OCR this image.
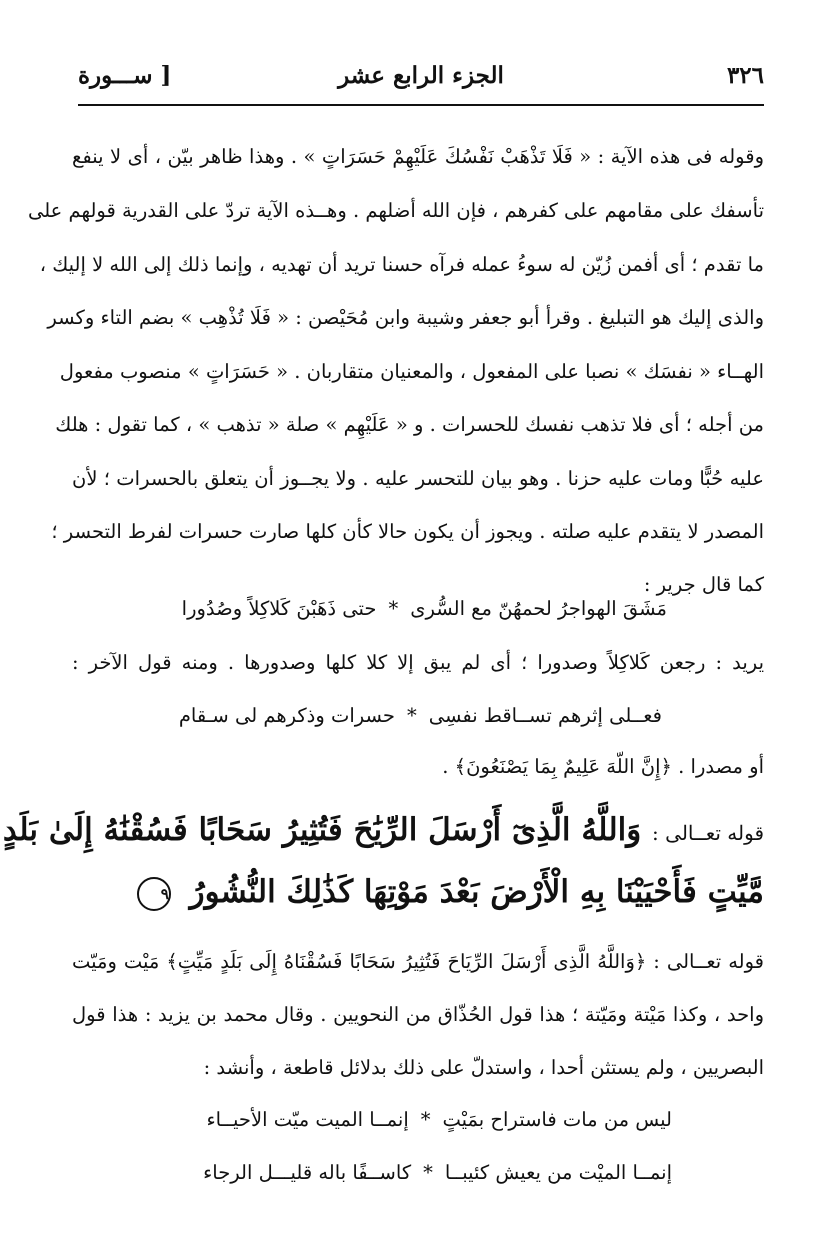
٣٢٦
الجزء الرابع عشر
[ ســـورة
وقوله فى هذه الآية : « فَلَا تَذْهَبْ نَفْسُكَ عَلَيْهِمْ حَسَرَاتٍ » . وهذا ظاهر بيّن ، أى لا ينفع
تأسفك على مقامهم على كفرهم ، فإن الله أضلهم . وهــذه الآية تردّ على القدرية قولهم على
ما تقدم ؛ أى أفمن زُيّن له سوءُ عمله فرآه حسنا تريد أن تهديه ، وإنما ذلك إلى الله لا إليك ،
والذى إليك هو التبليغ . وقرأ أبو جعفر وشيبة وابن مُحَيْصن : « فَلَا تُذْهِب » بضم التاء وكسر
الهــاء « نفسَك » نصبا على المفعول ، والمعنيان متقاربان . « حَسَرَاتٍ » منصوب مفعول
من أجله ؛ أى فلا تذهب نفسك للحسرات . و « عَلَيْهِم » صلة « تذهب » ، كما تقول : هلك
عليه حُبًّا ومات عليه حزنا . وهو بيان للتحسر عليه . ولا يجــوز أن يتعلق بالحسرات ؛ لأن
المصدر لا يتقدم عليه صلته . ويجوز أن يكون حالا كأن كلها صارت حسرات لفرط التحسر ؛
كما قال جرير :
مَشَقَ الهواجرُ لحمهُنّ مع السُّرى*حتى ذَهَبْنَ كَلاكِلاً وصُدُورا
يريد : رجعن كَلاكِلاً وصدورا ؛ أى لم يبق إلا كلا كلها وصدورها . ومنه قول الآخر :
فعــلى إثرهم تســاقط نفسِى*حسرات وذكرهم لى سـقام
أو مصدرا . ﴿إِنَّ اللّهَ عَلِيمٌ بِمَا يَصْنَعُونَ﴾ .
قوله تعــالى : وَاللَّهُ الَّذِىٓ أَرْسَلَ الرِّيَٰحَ فَتُثِيرُ سَحَابًا فَسُقْنَٰهُ إِلَىٰ بَلَدٍ
مَّيِّتٍ فَأَحْيَيْنَا بِهِ الْأَرْضَ بَعْدَ مَوْتِهَا كَذَٰلِكَ النُّشُورُ ٩
قوله تعــالى : ﴿وَاللَّهُ الَّذِى أَرْسَلَ الرِّيَاحَ فَتُثِيرُ سَحَابًا فَسُقْنَاهُ إِلَى بَلَدٍ مَيِّتٍ﴾ مَيْت ومَيّت
واحد ، وكذا مَيْتة ومَيّتة ؛ هذا قول الحُذّاق من النحويين . وقال محمد بن يزيد : هذا قول
البصريين ، ولم يستثن أحدا ، واستدلّ على ذلك بدلائل قاطعة ، وأنشد :
ليس من مات فاستراح بمَيْتٍ*إنمــا الميت ميّت الأحيــاء
إنمــا الميْت من يعيش كئيبــا*كاســفًا باله قليـــل الرجاء
